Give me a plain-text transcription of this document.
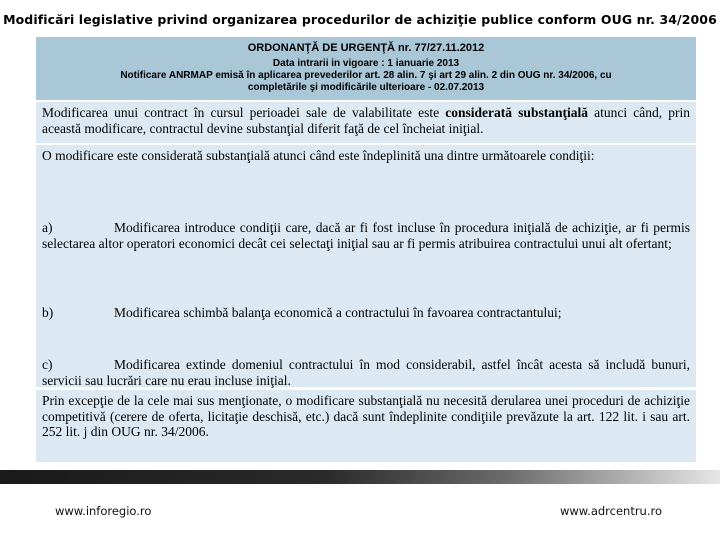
Modificări legislative privind organizarea procedurilor de achiziţie publice conform OUG nr. 34/2006
ORDONANŢĂ DE URGENŢĂ nr. 77/27.11.2012
Data intrarii in vigoare : 1 ianuarie 2013
Notificare ANRMAP emisă în aplicarea prevederilor art. 28 alin. 7 şi art 29 alin. 2 din OUG nr. 34/2006, cu
completările şi modificările ulterioare - 02.07.2013
Modificarea unui contract în cursul perioadei sale de valabilitate este considerată substanţială atunci când, prin această modificare, contractul devine substanţial diferit faţă de cel încheiat iniţial.
O modificare este considerată substanţială atunci când este îndeplinită una dintre următoarele condiţii:
a)	Modificarea introduce condiţii care, dacă ar fi fost incluse în procedura iniţială de achiziţie, ar fi permis selectarea altor operatori economici decât cei selectaţi iniţial sau ar fi permis atribuirea contractului unui alt ofertant;
b)	Modificarea schimbă balanţa economică a contractului în favoarea contractantului;
c)	Modificarea extinde domeniul contractului în mod considerabil, astfel încât acesta să includă bunuri, servicii sau lucrări care nu erau incluse iniţial.
Prin excepţie de la cele mai sus menţionate, o modificare substanţială nu necesită derularea unei proceduri de achiziţie competitivă (cerere de oferta, licitaţie deschisă, etc.) dacă sunt îndeplinite condiţiile prevăzute la art. 122 lit. i sau art. 252 lit. j din OUG nr. 34/2006.
www.inforegio.ro	www.adrcentru.ro
